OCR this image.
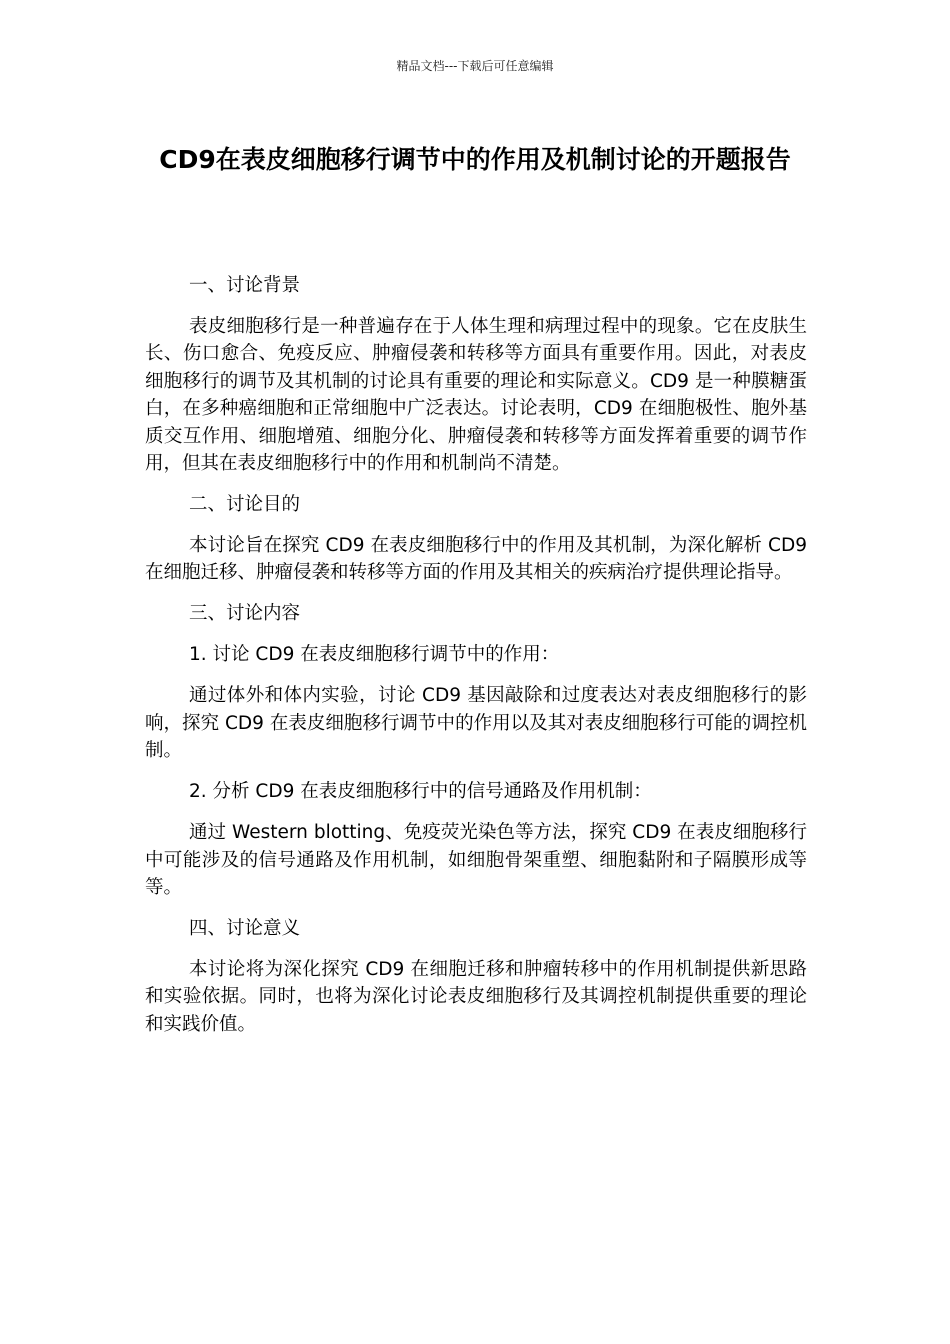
精品文档---下载后可任意编辑
CD9在表皮细胞移行调节中的作用及机制讨论的开题报告

一、讨论背景

表皮细胞移行是一种普遍存在于人体生理和病理过程中的现象。它在皮肤生长、伤口愈合、免疫反应、肿瘤侵袭和转移等方面具有重要作用。因此，对表皮细胞移行的调节及其机制的讨论具有重要的理论和实际意义。CD9 是一种膜糖蛋白，在多种癌细胞和正常细胞中广泛表达。讨论表明，CD9 在细胞极性、胞外基质交互作用、细胞增殖、细胞分化、肿瘤侵袭和转移等方面发挥着重要的调节作用，但其在表皮细胞移行中的作用和机制尚不清楚。

二、讨论目的

本讨论旨在探究 CD9 在表皮细胞移行中的作用及其机制，为深化解析 CD9 在细胞迁移、肿瘤侵袭和转移等方面的作用及其相关的疾病治疗提供理论指导。

三、讨论内容

1. 讨论 CD9 在表皮细胞移行调节中的作用：

通过体外和体内实验，讨论 CD9 基因敲除和过度表达对表皮细胞移行的影响，探究 CD9 在表皮细胞移行调节中的作用以及其对表皮细胞移行可能的调控机制。

2. 分析 CD9 在表皮细胞移行中的信号通路及作用机制：

通过 Western blotting、免疫荧光染色等方法，探究 CD9 在表皮细胞移行中可能涉及的信号通路及作用机制，如细胞骨架重塑、细胞黏附和子隔膜形成等等。

四、讨论意义

本讨论将为深化探究 CD9 在细胞迁移和肿瘤转移中的作用机制提供新思路和实验依据。同时，也将为深化讨论表皮细胞移行及其调控机制提供重要的理论和实践价值。
